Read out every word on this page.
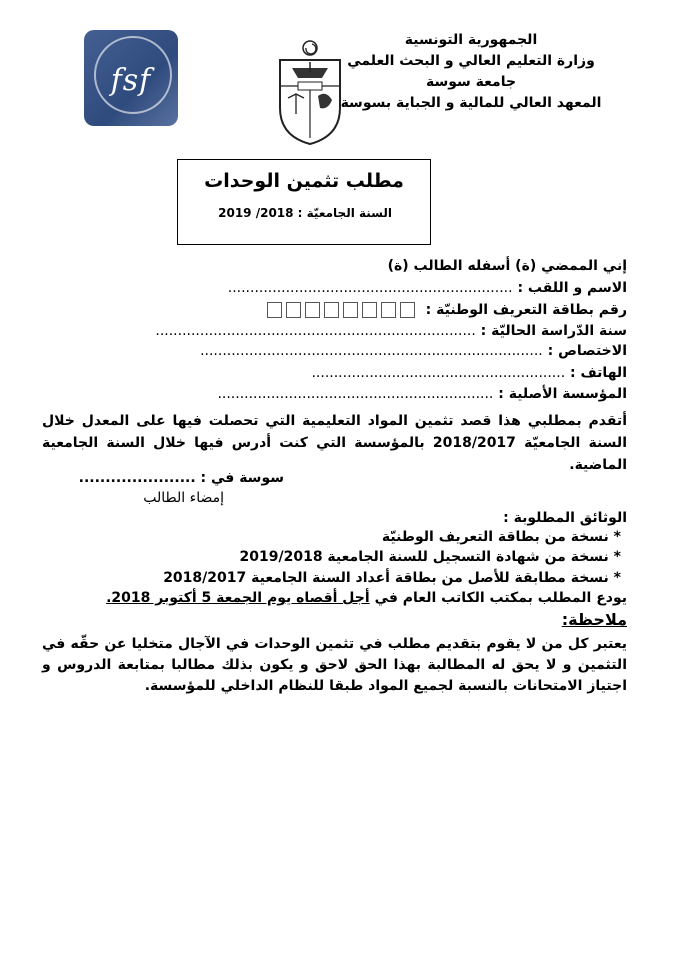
fsf
الجمهورية التونسية
وزارة التعليم العالي و البحث العلمي
جامعة سوسة
المعهد العالي للمالية و الجباية بسوسة
مطلب تثمين الوحدات
السنة الجامعيّة : 2018/ 2019
إني الممضي (ة) أسفله الطالب (ة)
الاسم و اللقب : ................................................................
رقم بطاقة التعريف الوطنيّة :
سنة الدّراسة الحاليّة : ........................................................................
الاختصاص : .............................................................................
الهاتف : .........................................................
المؤسسة الأصلية : ..............................................................
أتقدم بمطلبي هذا قصد تثمين المواد التعليمية التي تحصلت فيها على المعدل خلال السنة الجامعيّة 2018/2017 بالمؤسسة التي كنت أدرس فيها خلال السنة الجامعية الماضية.
سوسة في : ......................
إمضاء الطالب
الوثائق المطلوبة :
* نسخة من بطاقة التعريف الوطنيّة
* نسخة من شهادة التسجيل للسنة الجامعية 2019/2018
* نسخة مطابقة للأصل من بطاقة أعداد السنة الجامعية 2018/2017
يودع المطلب بمكتب الكاتب العام في أجل أقصاه يوم الجمعة 5 أكتوبر 2018.
ملاحظة:
يعتبر كل من لا يقوم بتقديم مطلب في تثمين الوحدات في الآجال متخليا عن حقّه في التثمين و لا يحق له المطالبة بهذا الحق لاحق و يكون بذلك مطالبا بمتابعة الدروس و اجتياز الامتحانات بالنسبة لجميع المواد طبقا للنظام الداخلي للمؤسسة.
